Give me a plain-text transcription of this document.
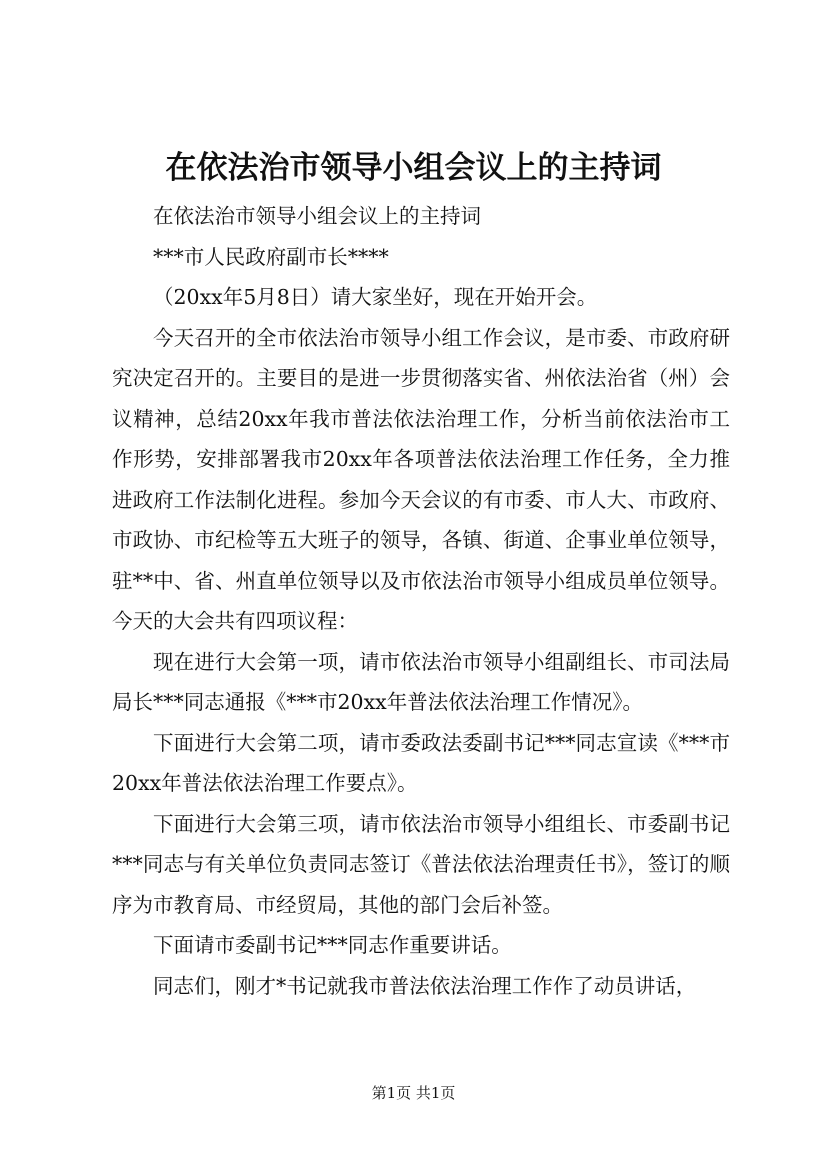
在依法治市领导小组会议上的主持词

在依法治市领导小组会议上的主持词

***市人民政府副市长****

（20xx年5月8日）请大家坐好，现在开始开会。

今天召开的全市依法治市领导小组工作会议，是市委、市政府研究决定召开的。主要目的是进一步贯彻落实省、州依法治省（州）会议精神，总结20xx年我市普法依法治理工作，分析当前依法治市工作形势，安排部署我市20xx年各项普法依法治理工作任务，全力推进政府工作法制化进程。参加今天会议的有市委、市人大、市政府、市政协、市纪检等五大班子的领导，各镇、街道、企事业单位领导，驻**中、省、州直单位领导以及市依法治市领导小组成员单位领导。今天的大会共有四项议程：

现在进行大会第一项，请市依法治市领导小组副组长、市司法局局长***同志通报《***市20xx年普法依法治理工作情况》。

下面进行大会第二项，请市委政法委副书记***同志宣读《***市20xx年普法依法治理工作要点》。

下面进行大会第三项，请市依法治市领导小组组长、市委副书记***同志与有关单位负责同志签订《普法依法治理责任书》，签订的顺序为市教育局、市经贸局，其他的部门会后补签。

下面请市委副书记***同志作重要讲话。

同志们，刚才*书记就我市普法依法治理工作作了动员讲话，

第1页 共1页
